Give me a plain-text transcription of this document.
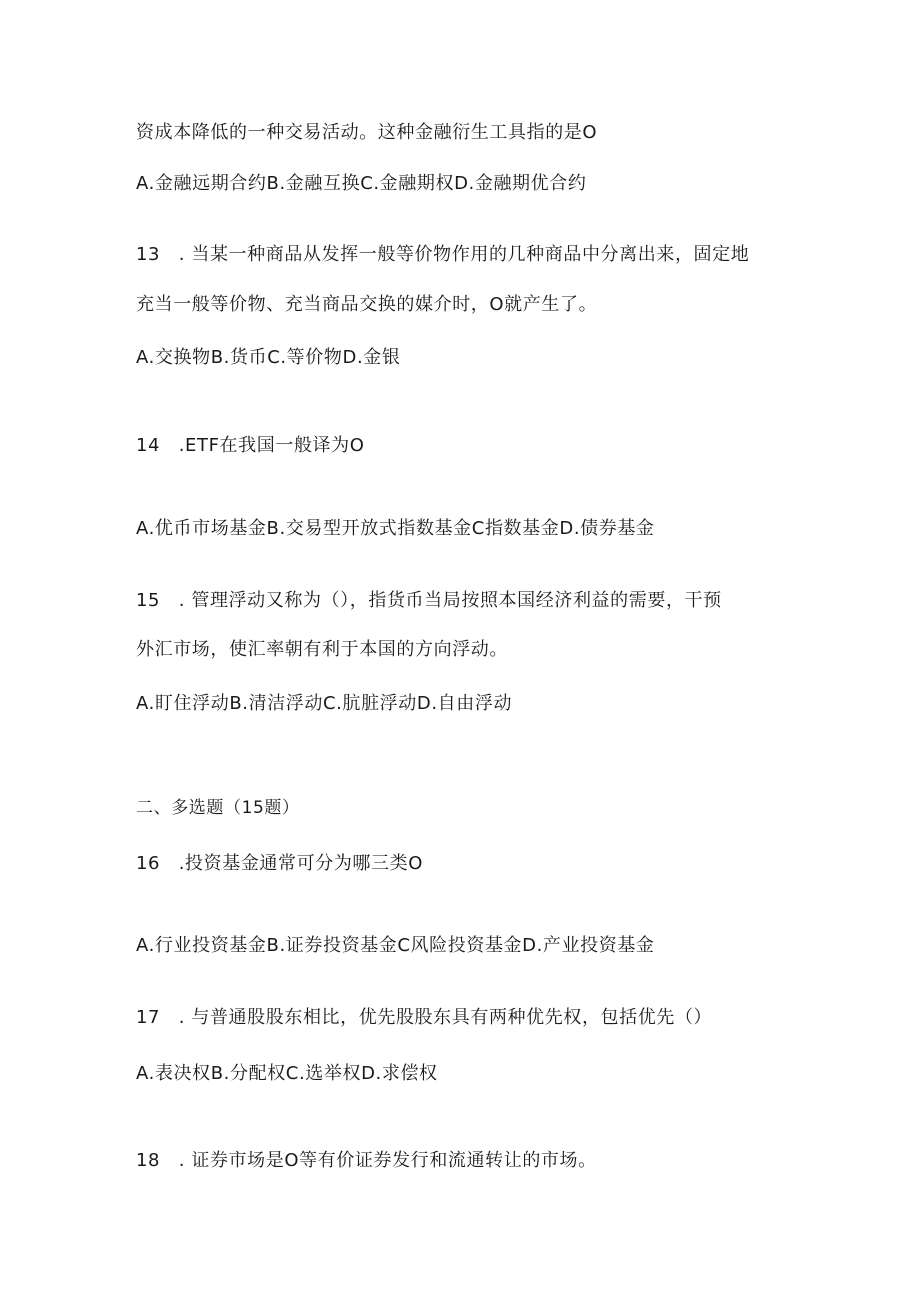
资成本降低的一种交易活动。这种金融衍生工具指的是O
A.金融远期合约B.金融互换C.金融期权D.金融期优合约
13　. 当某一种商品从发挥一般等价物作用的几种商品中分离出来，固定地
充当一般等价物、充当商品交换的媒介时，O就产生了。
A.交换物B.货币C.等价物D.金银
14　.ETF在我国一般译为O
A.优币市场基金B.交易型开放式指数基金C指数基金D.债券基金
15　. 管理浮动又称为（），指货币当局按照本国经济利益的需要，干预
外汇市场，使汇率朝有利于本国的方向浮动。
A.盯住浮动B.清洁浮动C.肮脏浮动D.自由浮动
二、多选题（15题）
16　.投资基金通常可分为哪三类O
A.行业投资基金B.证券投资基金C风险投资基金D.产业投资基金
17　. 与普通股股东相比，优先股股东具有两种优先权，包括优先（）
A.表决权B.分配权C.选举权D.求偿权
18　. 证券市场是O等有价证券发行和流通转让的市场。
